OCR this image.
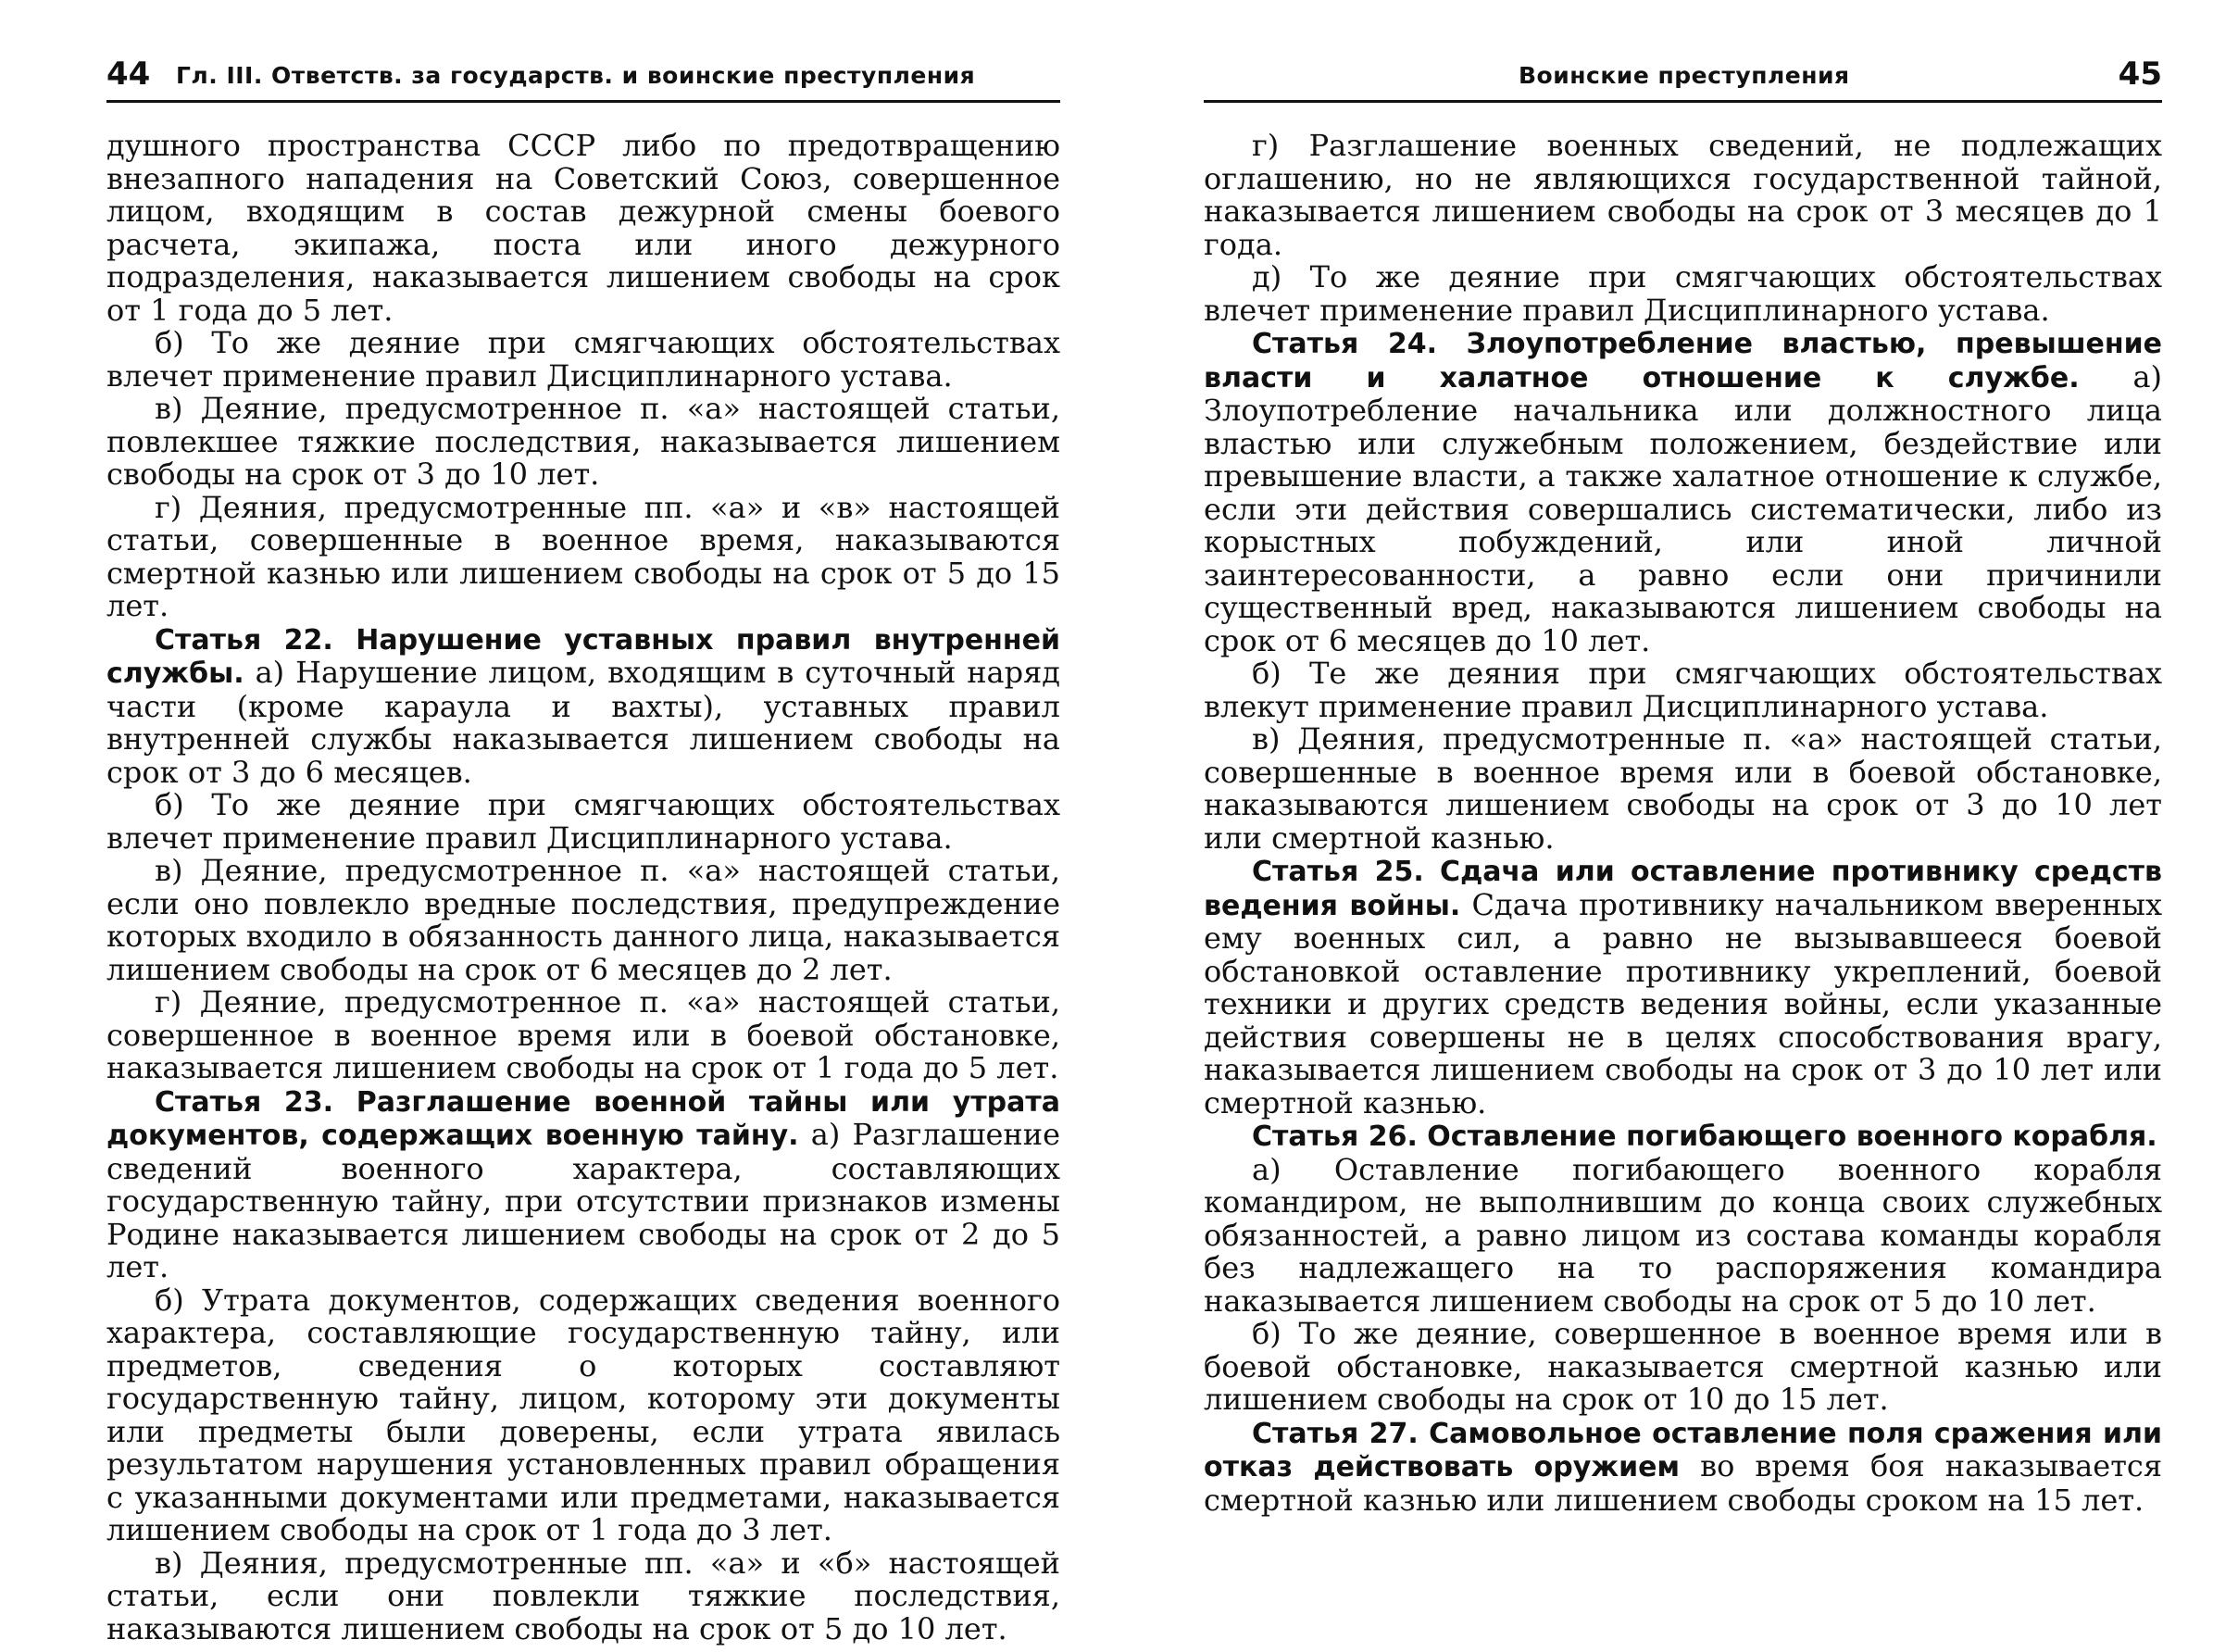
44 Гл. III. Ответств. за государств. и воинские преступления

душного пространства СССР либо по предотвращению внезапного нападения на Советский Союз, совершенное лицом, входящим в состав дежурной смены боевого расчета, экипажа, поста или иного дежурного подразделения, наказывается лишением свободы на срок от 1 года до 5 лет.

б) То же деяние при смягчающих обстоятельствах влечет применение правил Дисциплинарного устава.

в) Деяние, предусмотренное п. «а» настоящей статьи, повлекшее тяжкие последствия, наказывается лишением свободы на срок от 3 до 10 лет.

г) Деяния, предусмотренные пп. «а» и «в» настоящей статьи, совершенные в военное время, наказываются смертной казнью или лишением свободы на срок от 5 до 15 лет.

Статья 22. Нарушение уставных правил внутренней службы. а) Нарушение лицом, входящим в суточный наряд части (кроме караула и вахты), уставных правил внутренней службы наказывается лишением свободы на срок от 3 до 6 месяцев.

б) То же деяние при смягчающих обстоятельствах влечет применение правил Дисциплинарного устава.

в) Деяние, предусмотренное п. «а» настоящей статьи, если оно повлекло вредные последствия, предупреждение которых входило в обязанность данного лица, наказывается лишением свободы на срок от 6 месяцев до 2 лет.

г) Деяние, предусмотренное п. «а» настоящей статьи, совершенное в военное время или в боевой обстановке, наказывается лишением свободы на срок от 1 года до 5 лет.

Статья 23. Разглашение военной тайны или утрата документов, содержащих военную тайну. а) Разглашение сведений военного характера, составляющих государственную тайну, при отсутствии признаков измены Родине наказывается лишением свободы на срок от 2 до 5 лет.

б) Утрата документов, содержащих сведения военного характера, составляющие государственную тайну, или предметов, сведения о которых составляют государственную тайну, лицом, которому эти документы или предметы были доверены, если утрата явилась результатом нарушения установленных правил обращения с указанными документами или предметами, наказывается лишением свободы на срок от 1 года до 3 лет.

в) Деяния, предусмотренные пп. «а» и «б» настоящей статьи, если они повлекли тяжкие последствия, наказываются лишением свободы на срок от 5 до 10 лет.

Воинские преступления	45

г) Разглашение военных сведений, не подлежащих оглашению, но не являющихся государственной тайной, наказывается лишением свободы на срок от 3 месяцев до 1 года.

д) То же деяние при смягчающих обстоятельствах влечет применение правил Дисциплинарного устава.

Статья 24. Злоупотребление властью, превышение власти и халатное отношение к службе. а) Злоупотребление начальника или должностного лица властью или служебным положением, бездействие или превышение власти, а также халатное отношение к службе, если эти действия совершались систематически, либо из корыстных побуждений, или иной личной заинтересованности, а равно если они причинили существенный вред, наказываются лишением свободы на срок от 6 месяцев до 10 лет.

б) Те же деяния при смягчающих обстоятельствах влекут применение правил Дисциплинарного устава.

в) Деяния, предусмотренные п. «а» настоящей статьи, совершенные в военное время или в боевой обстановке, наказываются лишением свободы на срок от 3 до 10 лет или смертной казнью.

Статья 25. Сдача или оставление противнику средств ведения войны. Сдача противнику начальником вверенных ему военных сил, а равно не вызывавшееся боевой обстановкой оставление противнику укреплений, боевой техники и других средств ведения войны, если указанные действия совершены не в целях способствования врагу, наказывается лишением свободы на срок от 3 до 10 лет или смертной казнью.

Статья 26. Оставление погибающего военного корабля.

а) Оставление погибающего военного корабля командиром, не выполнившим до конца своих служебных обязанностей, а равно лицом из состава команды корабля без надлежащего на то распоряжения командира наказывается лишением свободы на срок от 5 до 10 лет.

б) То же деяние, совершенное в военное время или в боевой обстановке, наказывается смертной казнью или лишением свободы на срок от 10 до 15 лет.

Статья 27. Самовольное оставление поля сражения или отказ действовать оружием во время боя наказывается смертной казнью или лишением свободы сроком на 15 лет.
